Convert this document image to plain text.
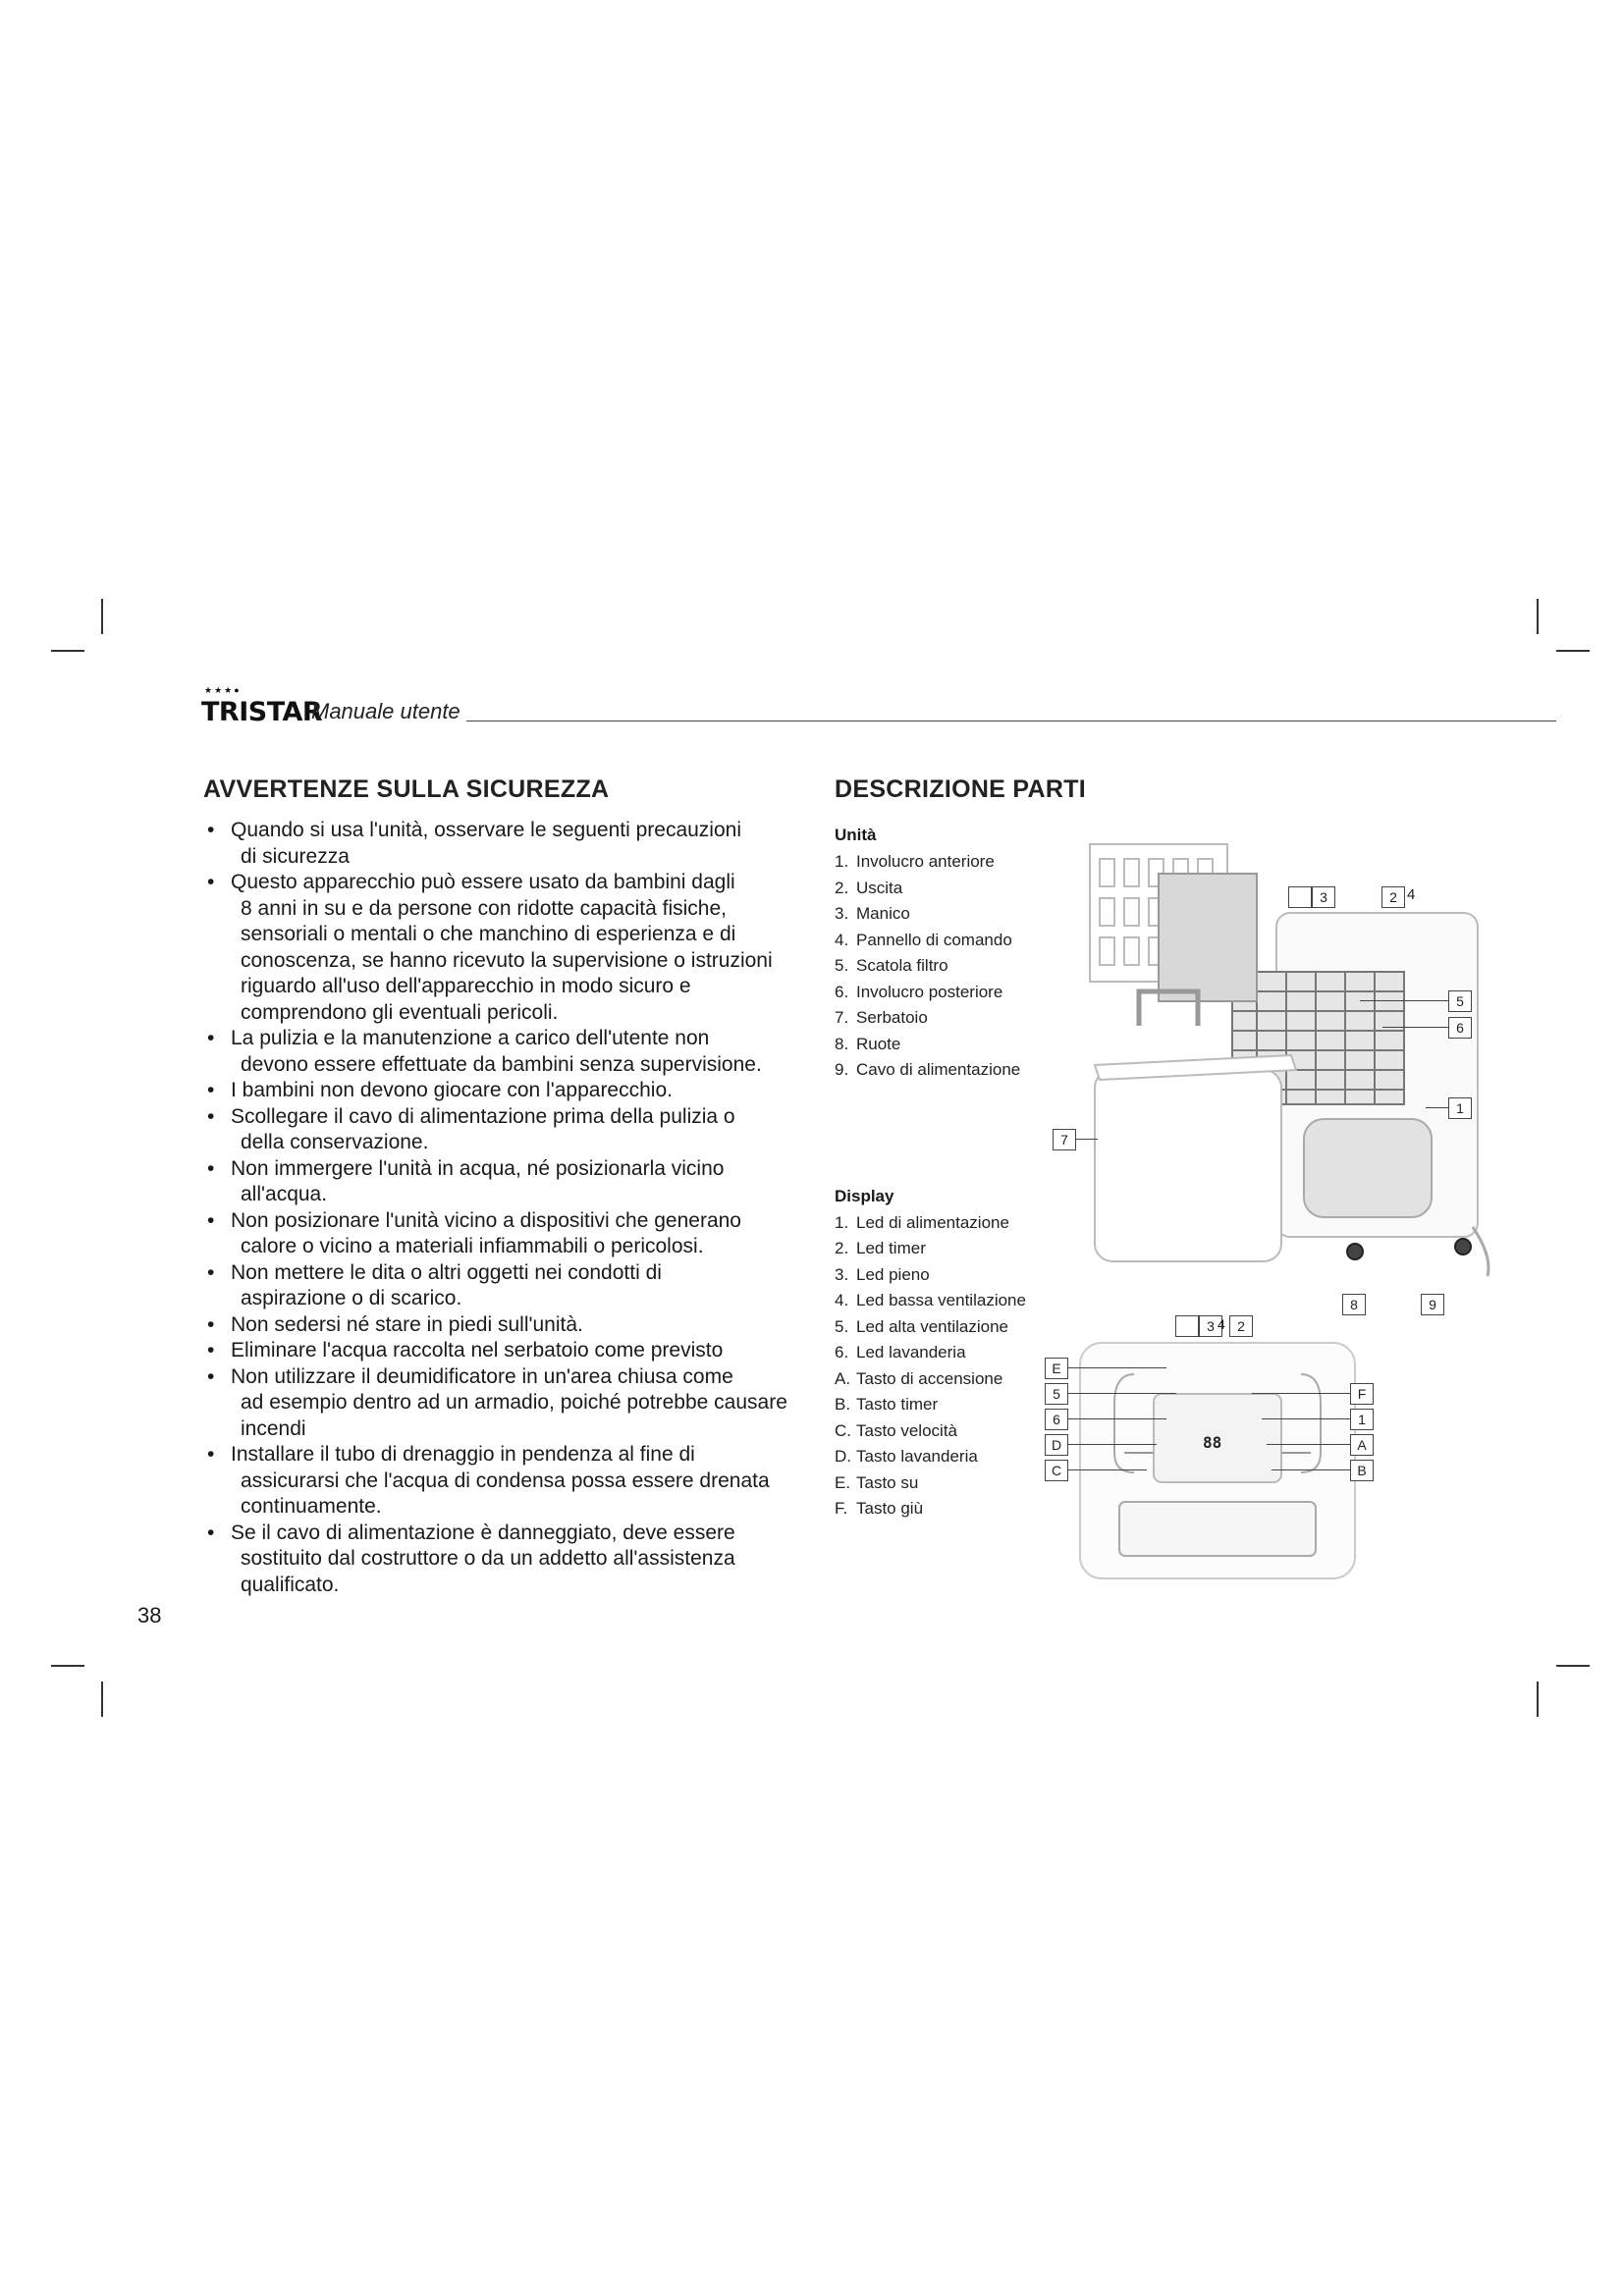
★★★●
TRISTAR
Manuale utente
AVVERTENZE SULLA SICUREZZA
• Quando si usa l'unità, osservare le seguenti precauzioni
di sicurezza
• Questo apparecchio può essere usato da bambini dagli
8 anni in su e da persone con ridotte capacità fisiche, sensoriali o mentali o che manchino di esperienza e di conoscenza, se hanno ricevuto la supervisione o istruzioni riguardo all'uso dell'apparecchio in modo sicuro e comprendono gli eventuali pericoli.
• La pulizia e la manutenzione a carico dell'utente non
devono essere effettuate da bambini senza supervisione.
• I bambini non devono giocare con l'apparecchio.
• Scollegare il cavo di alimentazione prima della pulizia o
della conservazione.
• Non immergere l'unità in acqua, né posizionarla vicino
all'acqua.
• Non posizionare l'unità vicino a dispositivi che generano
calore o vicino a materiali infiammabili o pericolosi.
• Non mettere le dita o altri oggetti nei condotti di
aspirazione o di scarico.
• Non sedersi né stare in piedi sull'unità.
• Eliminare l'acqua raccolta nel serbatoio come previsto
• Non utilizzare il deumidificatore in un'area chiusa come
ad esempio dentro ad un armadio, poiché potrebbe causare incendi
• Installare il tubo di drenaggio in pendenza al fine di
assicurarsi che l'acqua di condensa possa essere drenata continuamente.
• Se il cavo di alimentazione è danneggiato, deve essere
sostituito dal costruttore o da un addetto all'assistenza qualificato.
38
DESCRIZIONE PARTI

Unità

1. Involucro anteriore
2. Uscita
3. Manico
4. Pannello di comando
5. Scatola filtro
6. Involucro posteriore
7. Serbatoio
8. Ruote
9. Cavo di alimentazione

Display

1. Led di alimentazione
2. Led timer
3. Led pieno
4. Led bassa ventilazione
5. Led alta ventilazione
6. Led lavanderia
A. Tasto di accensione
B. Tasto timer
C. Tasto velocità
D. Tasto lavanderia
E. Tasto su
F. Tasto giù
3	2 4
5
6
1
7
8	9
88
3 4 2
E
5
6
D
C
F
1
A
B
